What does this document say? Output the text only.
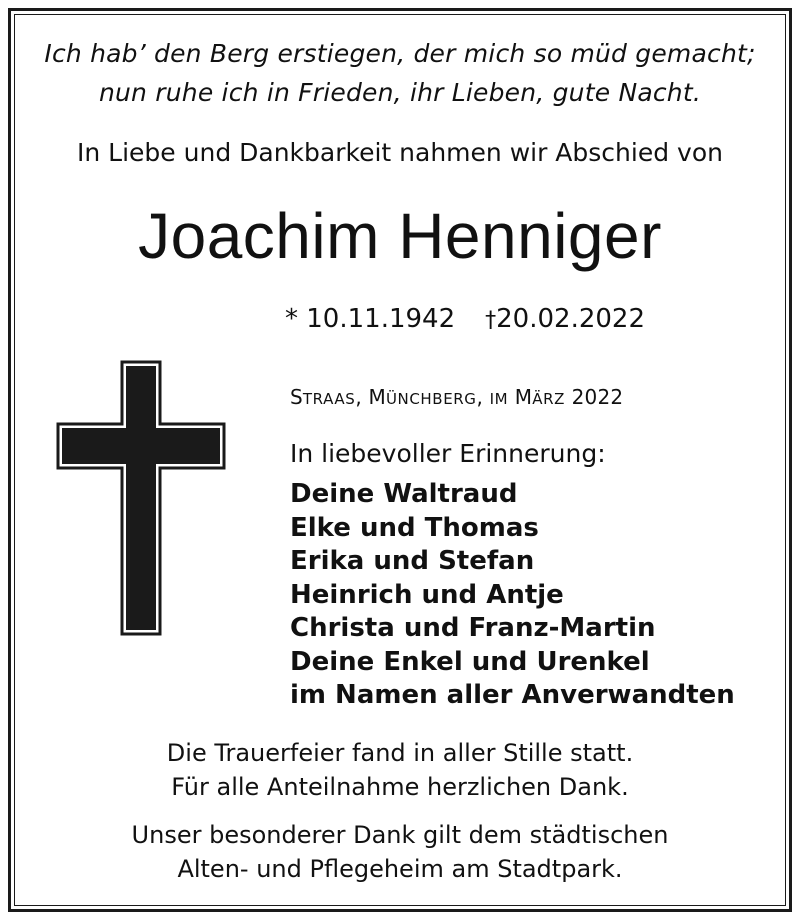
Ich hab’ den Berg erstiegen, der mich so müd gemacht;
nun ruhe ich in Frieden, ihr Lieben, gute Nacht.
In Liebe und Dankbarkeit nahmen wir Abschied von
Joachim Henniger
* 10.11.1942 †20.02.2022
STRAAS, MÜNCHBERG, IM MÄRZ 2022
In liebevoller Erinnerung:
Deine Waltraud
Elke und Thomas
Erika und Stefan
Heinrich und Antje
Christa und Franz-Martin
Deine Enkel und Urenkel
im Namen aller Anverwandten
Die Trauerfeier fand in aller Stille statt.
Für alle Anteilnahme herzlichen Dank.
Unser besonderer Dank gilt dem städtischen
Alten- und Pflegeheim am Stadtpark.
